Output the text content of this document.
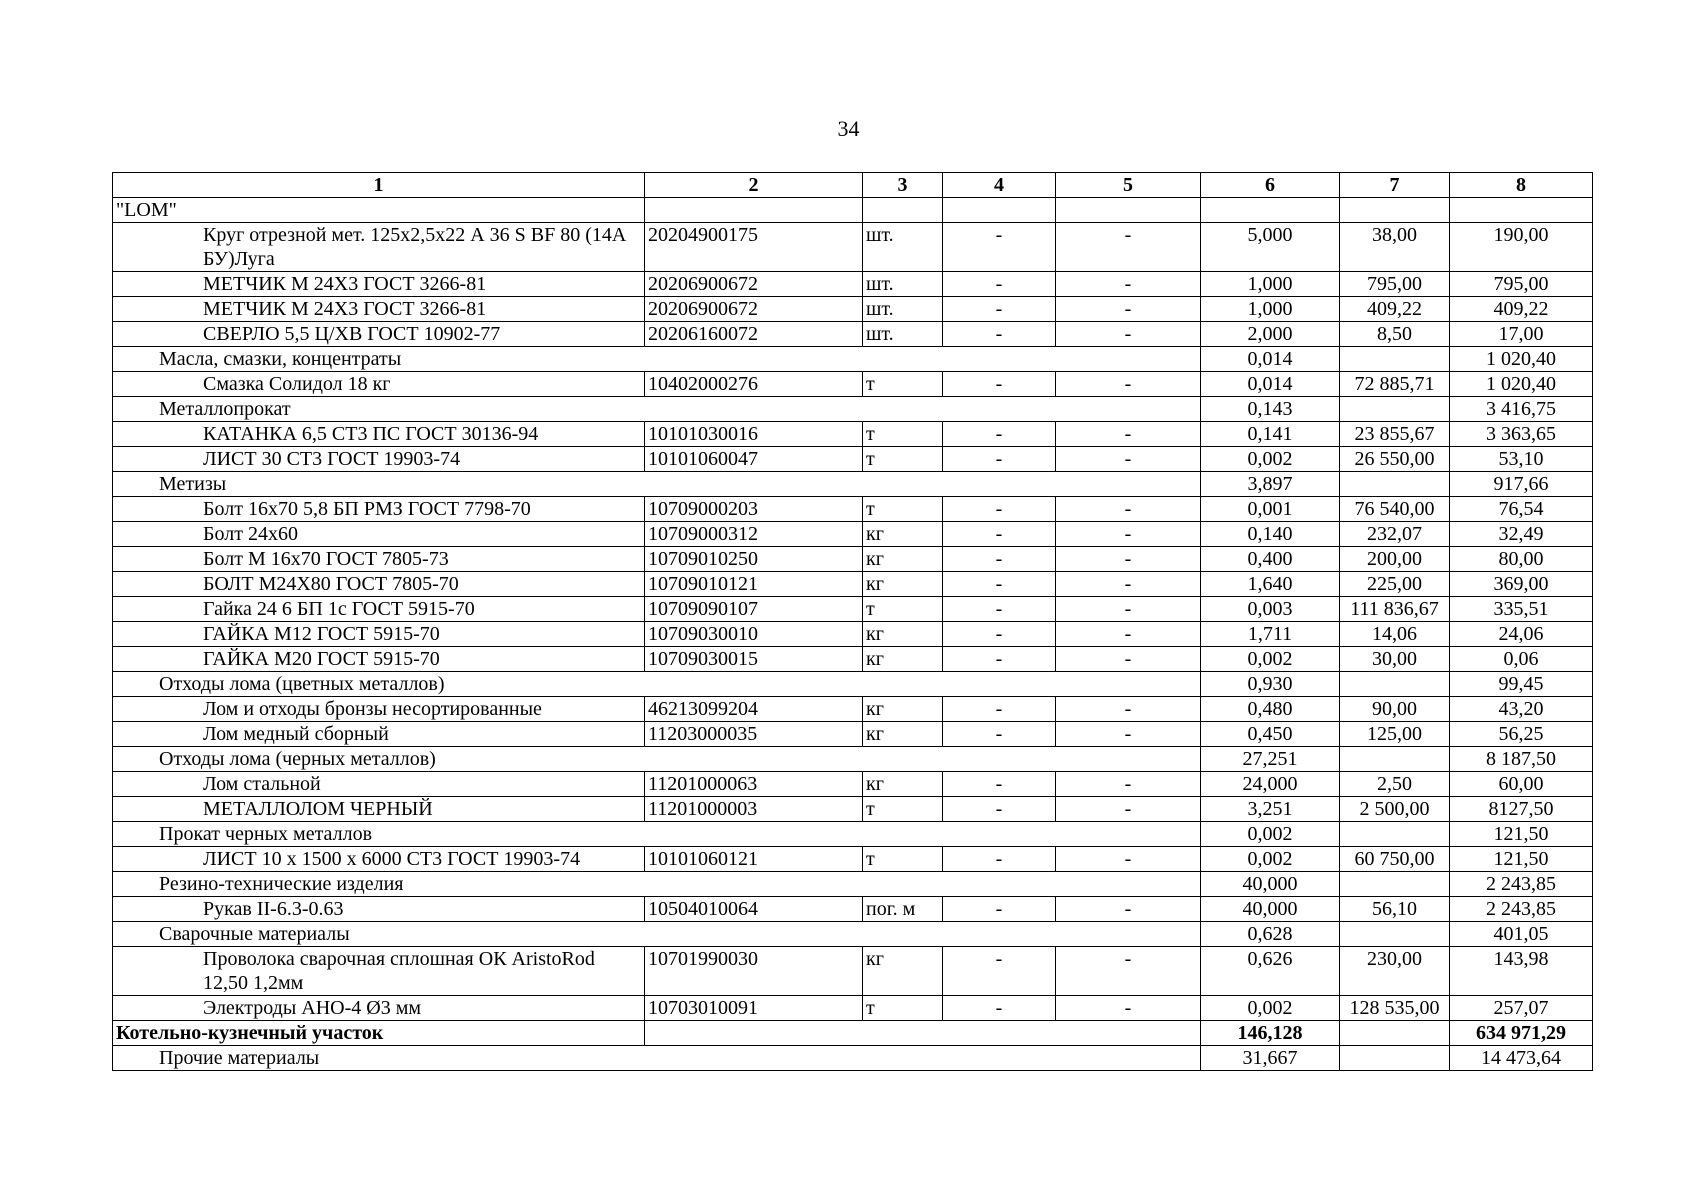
34
1	2	3	4	5	6	7	8
"LOM"							
Круг отрезной мет. 125х2,5х22 А 36 S BF 80 (14А БУ)Луга	20204900175	шт.	-	-	5,000	38,00	190,00
МЕТЧИК М 24Х3 ГОСТ 3266-81	20206900672	шт.	-	-	1,000	795,00	795,00
МЕТЧИК М 24Х3 ГОСТ 3266-81	20206900672	шт.	-	-	1,000	409,22	409,22
СВЕРЛО 5,5 Ц/ХВ ГОСТ 10902-77	20206160072	шт.	-	-	2,000	8,50	17,00
Масла, смазки, концентраты					0,014		1 020,40
Смазка Солидол 18 кг	10402000276	т	-	-	0,014	72 885,71	1 020,40
Металлопрокат					0,143		3 416,75
КАТАНКА 6,5 СТ3 ПС ГОСТ 30136-94	10101030016	т	-	-	0,141	23 855,67	3 363,65
ЛИСТ 30 СТ3 ГОСТ 19903-74	10101060047	т	-	-	0,002	26 550,00	53,10
Метизы					3,897		917,66
Болт 16х70 5,8 БП РМЗ ГОСТ 7798-70	10709000203	т	-	-	0,001	76 540,00	76,54
Болт 24х60	10709000312	кг	-	-	0,140	232,07	32,49
Болт М 16х70 ГОСТ 7805-73	10709010250	кг	-	-	0,400	200,00	80,00
БОЛТ М24Х80 ГОСТ 7805-70	10709010121	кг	-	-	1,640	225,00	369,00
Гайка 24 6 БП 1с ГОСТ 5915-70	10709090107	т	-	-	0,003	111 836,67	335,51
ГАЙКА М12 ГОСТ 5915-70	10709030010	кг	-	-	1,711	14,06	24,06
ГАЙКА М20 ГОСТ 5915-70	10709030015	кг	-	-	0,002	30,00	0,06
Отходы лома (цветных металлов)					0,930		99,45
Лом и отходы бронзы несортированные	46213099204	кг	-	-	0,480	90,00	43,20
Лом медный сборный	11203000035	кг	-	-	0,450	125,00	56,25
Отходы лома (черных металлов)					27,251		8 187,50
Лом стальной	11201000063	кг	-	-	24,000	2,50	60,00
МЕТАЛЛОЛОМ ЧЕРНЫЙ	11201000003	т	-	-	3,251	2 500,00	8127,50
Прокат черных металлов					0,002		121,50
ЛИСТ 10 х 1500 х 6000 СТ3 ГОСТ 19903-74	10101060121	т	-	-	0,002	60 750,00	121,50
Резино-технические изделия					40,000		2 243,85
Рукав II-6.3-0.63	10504010064	пог. м	-	-	40,000	56,10	2 243,85
Сварочные материалы					0,628		401,05
Проволока сварочная сплошная ОК AristoRod 12,50 1,2мм	10701990030	кг	-	-	0,626	230,00	143,98
Электроды АНО-4 Ø3 мм	10703010091	т	-	-	0,002	128 535,00	257,07
Котельно-кузнечный участок					146,128		634 971,29
Прочие материалы					31,667		14 473,64
